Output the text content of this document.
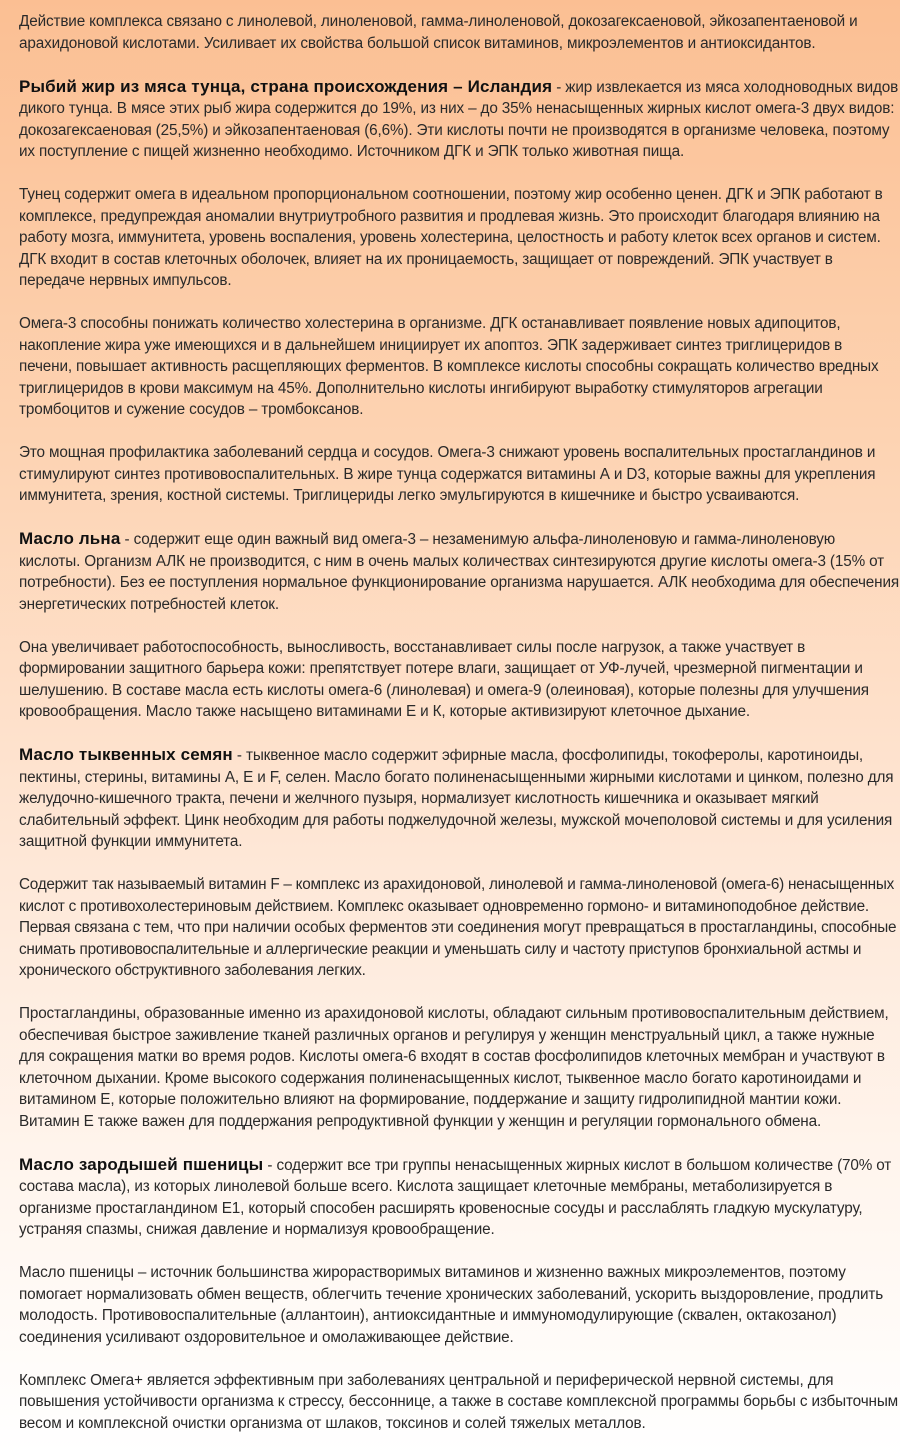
Действие комплекса связано с линолевой, линоленовой, гамма-линоленовой, докозагексаеновой, эйкозапентаеновой и арахидоновой кислотами. Усиливает их свойства большой список витаминов, микроэлементов и антиоксидантов.

Рыбий жир из мяса тунца, страна происхождения – Исландия - жир извлекается из мяса холодноводных видов дикого тунца. В мясе этих рыб жира содержится до 19%, из них – до 35% ненасыщенных жирных кислот омега-3 двух видов: докозагексаеновая (25,5%) и эйкозапентаеновая (6,6%). Эти кислоты почти не производятся в организме человека, поэтому их поступление с пищей жизненно необходимо. Источником ДГК и ЭПК только животная пища.

Тунец содержит омега в идеальном пропорциональном соотношении, поэтому жир особенно ценен. ДГК и ЭПК работают в комплексе, предупреждая аномалии внутриутробного развития и продлевая жизнь. Это происходит благодаря влиянию на работу мозга, иммунитета, уровень воспаления, уровень холестерина, целостность и работу клеток всех органов и систем. ДГК входит в состав клеточных оболочек, влияет на их проницаемость, защищает от повреждений. ЭПК участвует в передаче нервных импульсов.

Омега-3 способны понижать количество холестерина в организме. ДГК останавливает появление новых адипоцитов, накопление жира уже имеющихся и в дальнейшем инициирует их апоптоз. ЭПК задерживает синтез триглицеридов в печени, повышает активность расщепляющих ферментов. В комплексе кислоты способны сокращать количество вредных триглицеридов в крови максимум на 45%. Дополнительно кислоты ингибируют выработку стимуляторов агрегации тромбоцитов и сужение сосудов – тромбоксанов.

Это мощная профилактика заболеваний сердца и сосудов. Омега-3 снижают уровень воспалительных простагландинов и стимулируют синтез противовоспалительных. В жире тунца содержатся витамины А и D3, которые важны для укрепления иммунитета, зрения, костной системы. Триглицериды легко эмульгируются в кишечнике и быстро усваиваются.

Масло льна - содержит еще один важный вид омега-3 – незаменимую альфа-линоленовую и гамма-линоленовую кислоты. Организм АЛК не производится, с ним в очень малых количествах синтезируются другие кислоты омега-3 (15% от потребности). Без ее поступления нормальное функционирование организма нарушается. АЛК необходима для обеспечения энергетических потребностей клеток.

Она увеличивает работоспособность, выносливость, восстанавливает силы после нагрузок, а также участвует в формировании защитного барьера кожи: препятствует потере влаги, защищает от УФ-лучей, чрезмерной пигментации и шелушению. В составе масла есть кислоты омега-6 (линолевая) и омега-9 (олеиновая), которые полезны для улучшения кровообращения. Масло также насыщено витаминами Е и К, которые активизируют клеточное дыхание.

Масло тыквенных семян - тыквенное масло содержит эфирные масла, фосфолипиды, токоферолы, каротиноиды, пектины, стерины, витамины А, Е и F, селен. Масло богато полиненасыщенными жирными кислотами и цинком, полезно для желудочно-кишечного тракта, печени и желчного пузыря, нормализует кислотность кишечника и оказывает мягкий слабительный эффект. Цинк необходим для работы поджелудочной железы, мужской мочеполовой системы и для усиления защитной функции иммунитета.

Содержит так называемый витамин F – комплекс из арахидоновой, линолевой и гамма-линоленовой (омега-6) ненасыщенных кислот с противохолестериновым действием. Комплекс оказывает одновременно гормоно- и витаминоподобное действие. Первая связана с тем, что при наличии особых ферментов эти соединения могут превращаться в простагландины, способные снимать противовоспалительные и аллергические реакции и уменьшать силу и частоту приступов бронхиальной астмы и хронического обструктивного заболевания легких.

Простагландины, образованные именно из арахидоновой кислоты, обладают сильным противовоспалительным действием, обеспечивая быстрое заживление тканей различных органов и регулируя у женщин менструальный цикл, а также нужные для сокращения матки во время родов. Кислоты омега-6 входят в состав фосфолипидов клеточных мембран и участвуют в клеточном дыхании. Кроме высокого содержания полиненасыщенных кислот, тыквенное масло богато каротиноидами и витамином Е, которые положительно влияют на формирование, поддержание и защиту гидролипидной мантии кожи. Витамин Е также важен для поддержания репродуктивной функции у женщин и регуляции гормонального обмена.

Масло зародышей пшеницы - содержит все три группы ненасыщенных жирных кислот в большом количестве (70% от состава масла), из которых линолевой больше всего. Кислота защищает клеточные мембраны, метаболизируется в организме простагландином Е1, который способен расширять кровеносные сосуды и расслаблять гладкую мускулатуру, устраняя спазмы, снижая давление и нормализуя кровообращение.

Масло пшеницы – источник большинства жирорастворимых витаминов и жизненно важных микроэлементов, поэтому помогает нормализовать обмен веществ, облегчить течение хронических заболеваний, ускорить выздоровление, продлить молодость. Противовоспалительные (аллантоин), антиоксидантные и иммуномодулирующие (сквален, октакозанол) соединения усиливают оздоровительное и омолаживающее действие.

Комплекс Омега+ является эффективным при заболеваниях центральной и периферической нервной системы, для повышения устойчивости организма к стрессу, бессоннице, а также в составе комплексной программы борьбы с избыточным весом и комплексной очистки организма от шлаков, токсинов и солей тяжелых металлов.
